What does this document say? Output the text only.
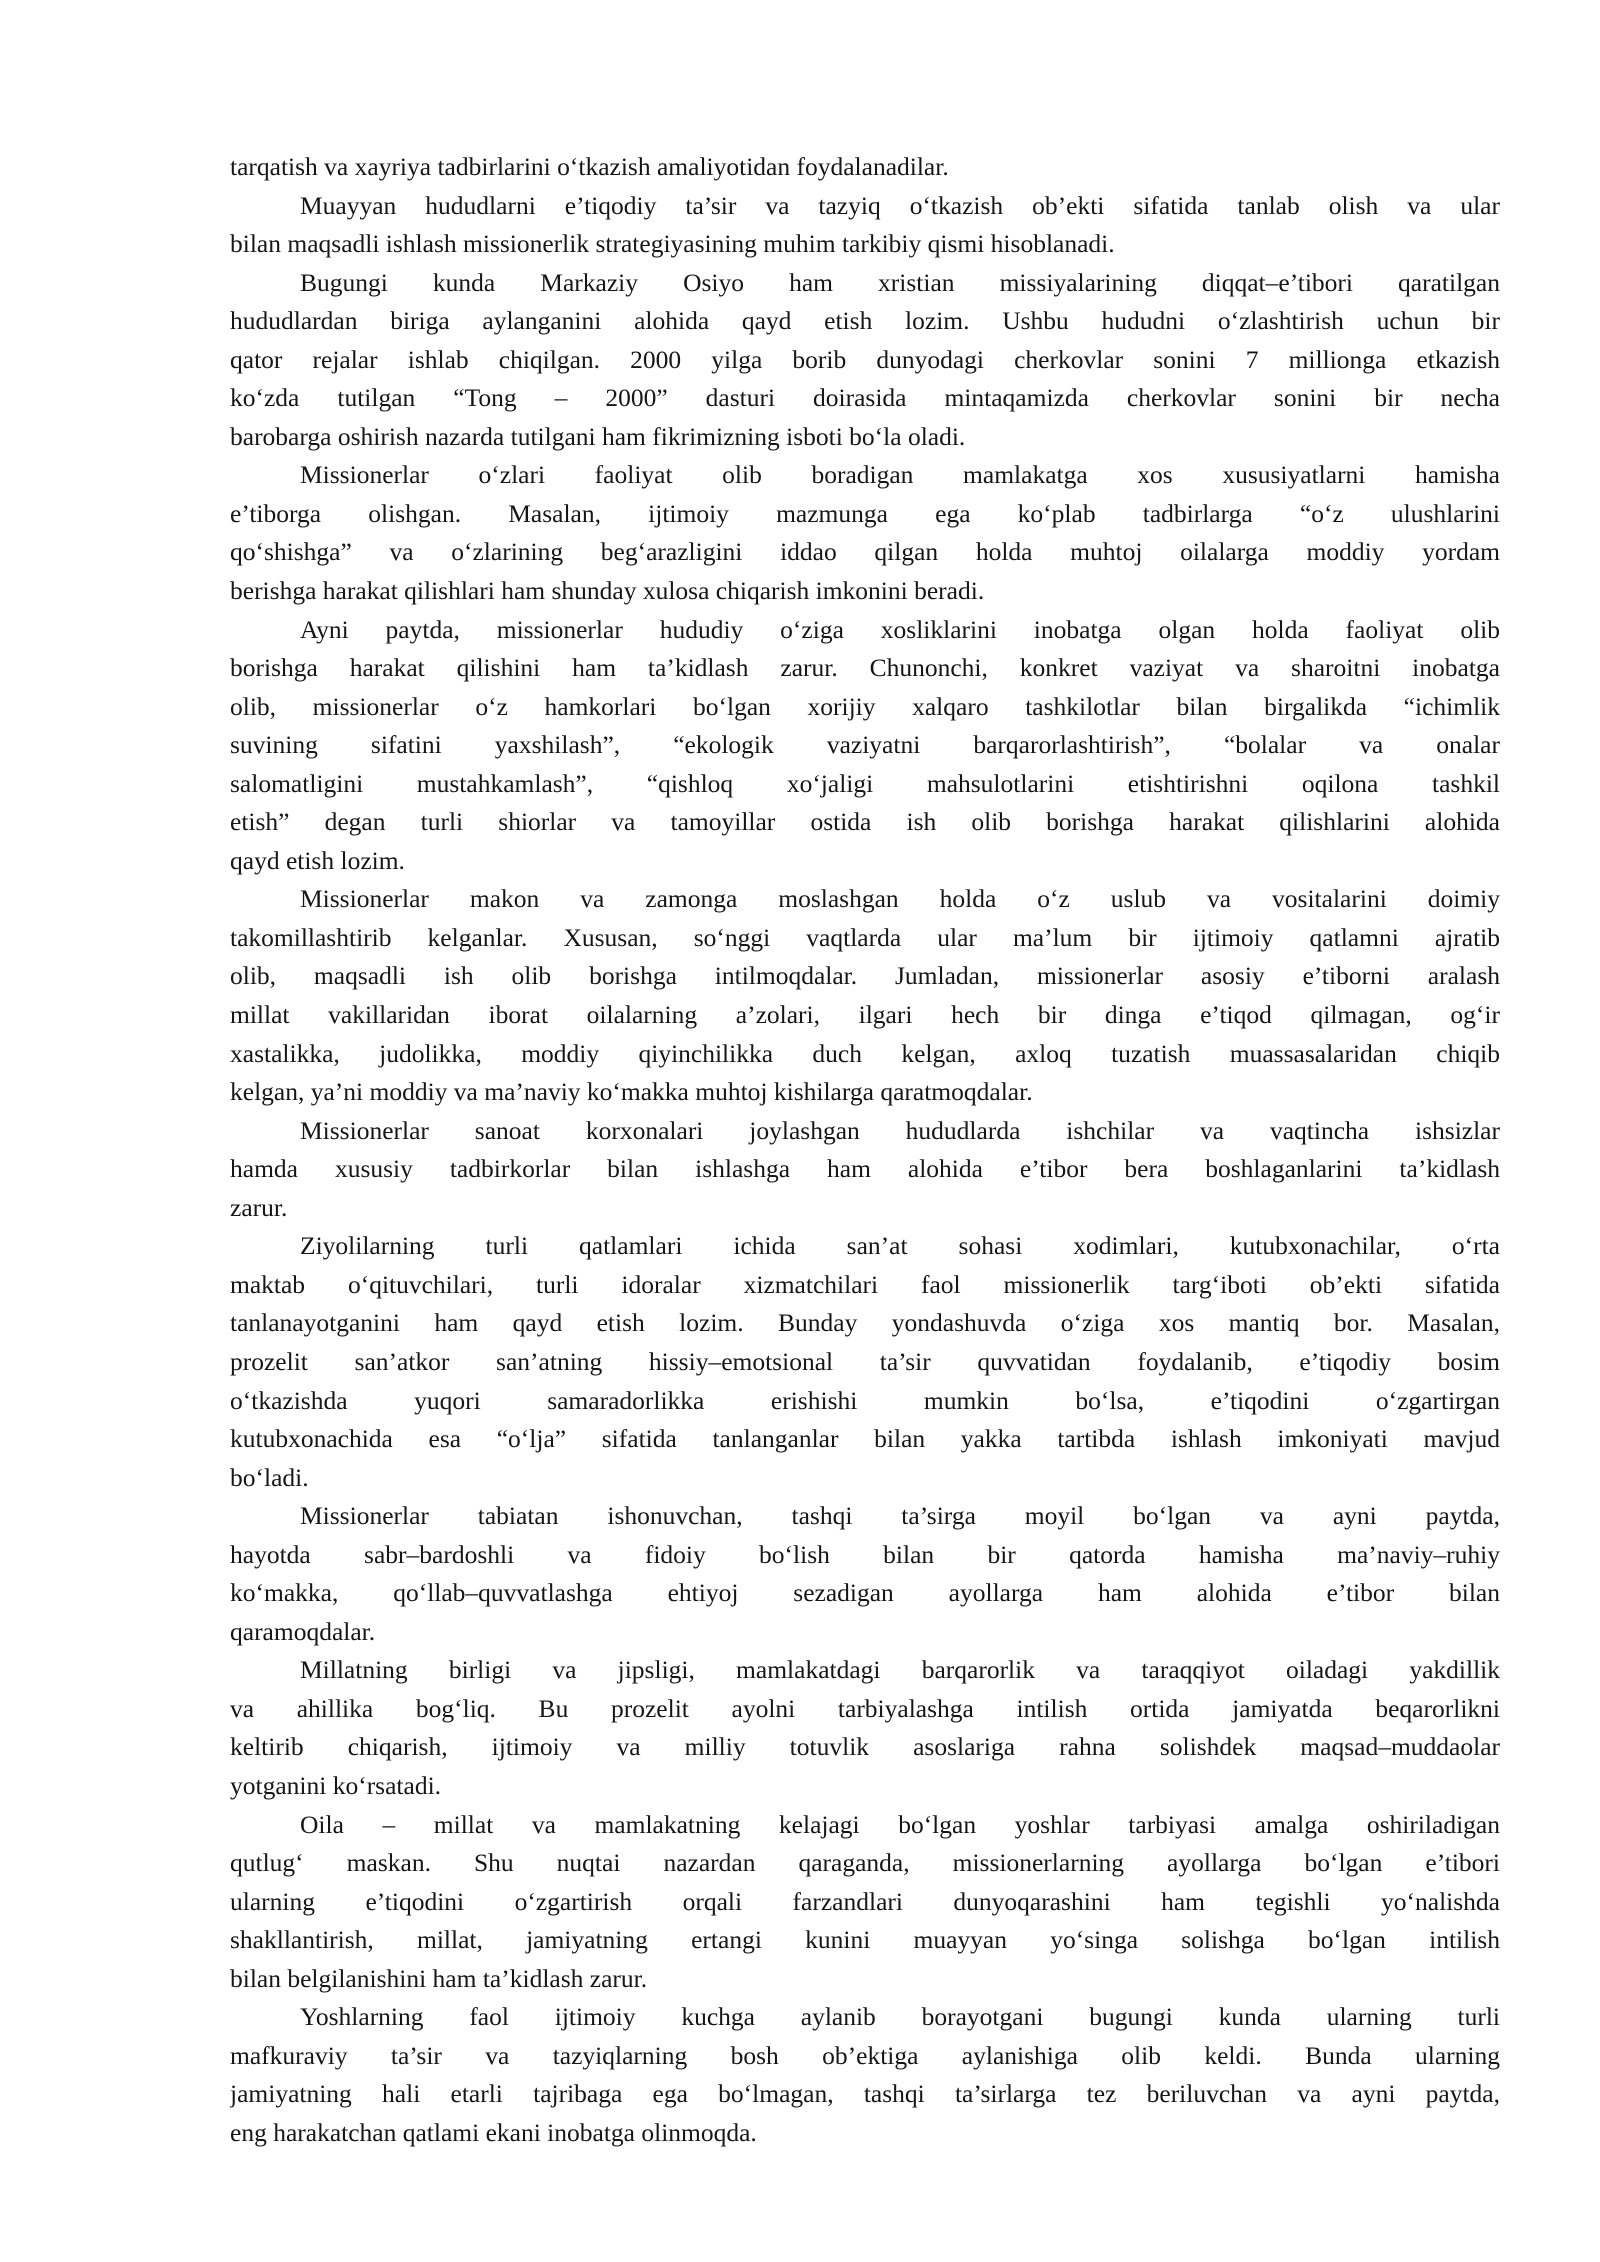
tarqatish va xayriya tadbirlarini o‘tkazish amaliyotidan foydalanadilar.
Muayyan hududlarni e’tiqodiy ta’sir va tazyiq o‘tkazish ob’ekti sifatida tanlab olish va ular
bilan maqsadli ishlash missionerlik strategiyasining muhim tarkibiy qismi hisoblanadi.
Bugungi kunda Markaziy Osiyo ham xristian missiyalarining diqqat–e’tibori qaratilgan
hududlardan biriga aylanganini alohida qayd etish lozim. Ushbu hududni o‘zlashtirish uchun bir
qator rejalar ishlab chiqilgan. 2000 yilga borib dunyodagi cherkovlar sonini 7 millionga etkazish
ko‘zda tutilgan “Tong – 2000” dasturi doirasida mintaqamizda cherkovlar sonini bir necha
barobarga oshirish nazarda tutilgani ham fikrimizning isboti bo‘la oladi.
Missionerlar o‘zlari faoliyat olib boradigan mamlakatga xos xususiyatlarni hamisha
e’tiborga olishgan. Masalan, ijtimoiy mazmunga ega ko‘plab tadbirlarga “o‘z ulushlarini
qo‘shishga” va o‘zlarining beg‘arazligini iddao qilgan holda muhtoj oilalarga moddiy yordam
berishga harakat qilishlari ham shunday xulosa chiqarish imkonini beradi.
Ayni paytda, missionerlar hududiy o‘ziga xosliklarini inobatga olgan holda faoliyat olib
borishga harakat qilishini ham ta’kidlash zarur. Chunonchi, konkret vaziyat va sharoitni inobatga
olib, missionerlar o‘z hamkorlari bo‘lgan xorijiy xalqaro tashkilotlar bilan birgalikda “ichimlik
suvining sifatini yaxshilash”, “ekologik vaziyatni barqarorlashtirish”, “bolalar va onalar
salomatligini mustahkamlash”, “qishloq xo‘jaligi mahsulotlarini etishtirishni oqilona tashkil
etish” degan turli shiorlar va tamoyillar ostida ish olib borishga harakat qilishlarini alohida
qayd etish lozim.
Missionerlar makon va zamonga moslashgan holda o‘z uslub va vositalarini doimiy
takomillashtirib kelganlar. Xususan, so‘nggi vaqtlarda ular ma’lum bir ijtimoiy qatlamni ajratib
olib, maqsadli ish olib borishga intilmoqdalar. Jumladan, missionerlar asosiy e’tiborni aralash
millat vakillaridan iborat oilalarning a’zolari, ilgari hech bir dinga e’tiqod qilmagan, og‘ir
xastalikka, judolikka, moddiy qiyinchilikka duch kelgan, axloq tuzatish muassasalaridan chiqib
kelgan, ya’ni moddiy va ma’naviy ko‘makka muhtoj kishilarga qaratmoqdalar.
Missionerlar sanoat korxonalari joylashgan hududlarda ishchilar va vaqtincha ishsizlar
hamda xususiy tadbirkorlar bilan ishlashga ham alohida e’tibor bera boshlaganlarini ta’kidlash
zarur.
Ziyolilarning turli qatlamlari ichida san’at sohasi xodimlari, kutubxonachilar, o‘rta
maktab o‘qituvchilari, turli idoralar xizmatchilari faol missionerlik targ‘iboti ob’ekti sifatida
tanlanayotganini ham qayd etish lozim. Bunday yondashuvda o‘ziga xos mantiq bor. Masalan,
prozelit san’atkor san’atning hissiy–emotsional ta’sir quvvatidan foydalanib, e’tiqodiy bosim
o‘tkazishda yuqori samaradorlikka erishishi mumkin bo‘lsa, e’tiqodini o‘zgartirgan
kutubxonachida esa “o‘lja” sifatida tanlanganlar bilan yakka tartibda ishlash imkoniyati mavjud
bo‘ladi.
Missionerlar tabiatan ishonuvchan, tashqi ta’sirga moyil bo‘lgan va ayni paytda,
hayotda sabr–bardoshli va fidoiy bo‘lish bilan bir qatorda hamisha ma’naviy–ruhiy
ko‘makka, qo‘llab–quvvatlashga ehtiyoj sezadigan ayollarga ham alohida e’tibor bilan
qaramoqdalar.
Millatning birligi va jipsligi, mamlakatdagi barqarorlik va taraqqiyot oiladagi yakdillik
va ahillika bog‘liq. Bu prozelit ayolni tarbiyalashga intilish ortida jamiyatda beqarorlikni
keltirib chiqarish, ijtimoiy va milliy totuvlik asoslariga rahna solishdek maqsad–muddaolar
yotganini ko‘rsatadi.
Oila – millat va mamlakatning kelajagi bo‘lgan yoshlar tarbiyasi amalga oshiriladigan
qutlug‘ maskan. Shu nuqtai nazardan qaraganda, missionerlarning ayollarga bo‘lgan e’tibori
ularning e’tiqodini o‘zgartirish orqali farzandlari dunyoqarashini ham tegishli yo‘nalishda
shakllantirish, millat, jamiyatning ertangi kunini muayyan yo‘singa solishga bo‘lgan intilish
bilan belgilanishini ham ta’kidlash zarur.
Yoshlarning faol ijtimoiy kuchga aylanib borayotgani bugungi kunda ularning turli
mafkuraviy ta’sir va tazyiqlarning bosh ob’ektiga aylanishiga olib keldi. Bunda ularning
jamiyatning hali etarli tajribaga ega bo‘lmagan, tashqi ta’sirlarga tez beriluvchan va ayni paytda,
eng harakatchan qatlami ekani inobatga olinmoqda.
